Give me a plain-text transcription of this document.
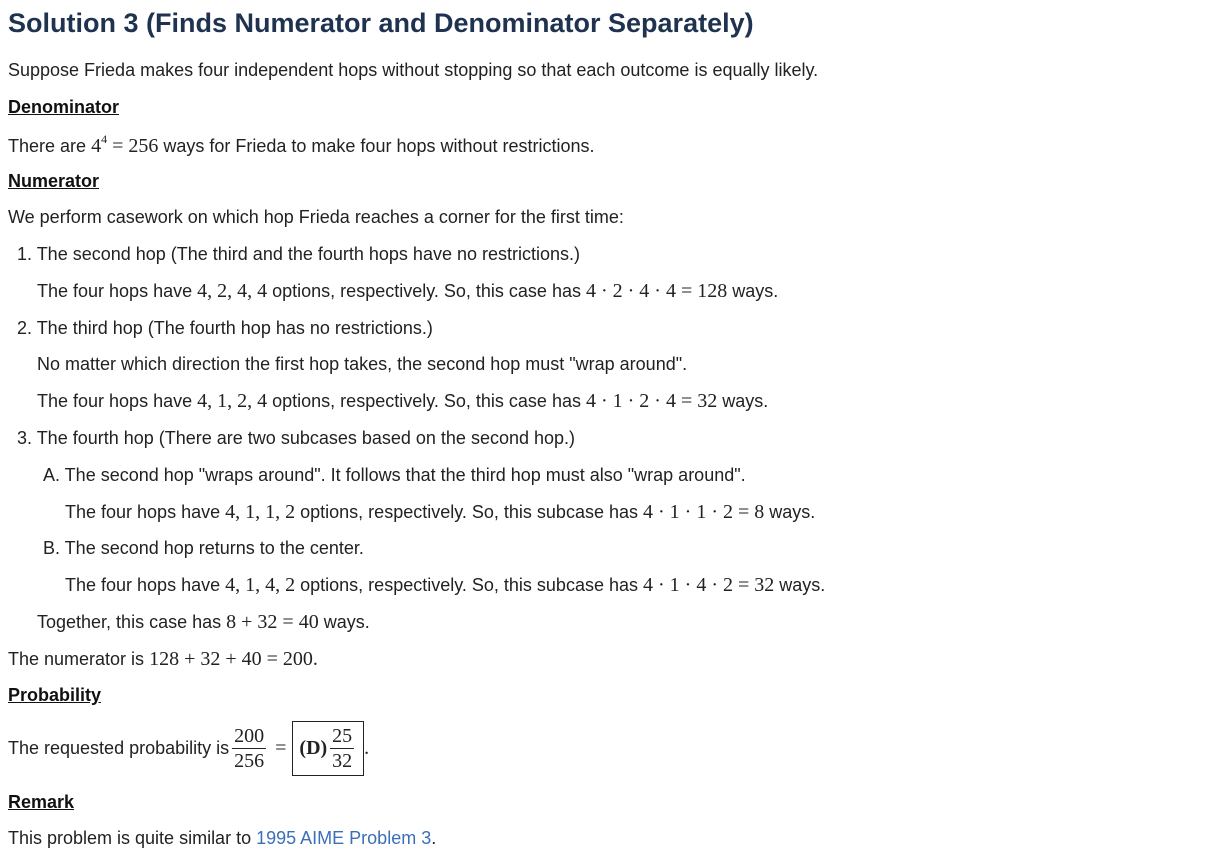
Solution 3 (Finds Numerator and Denominator Separately)
Suppose Frieda makes four independent hops without stopping so that each outcome is equally likely.
Denominator
There are $4^4 = 256$ ways for Frieda to make four hops without restrictions.
Numerator
We perform casework on which hop Frieda reaches a corner for the first time:
1. The second hop (The third and the fourth hops have no restrictions.)
The four hops have 4, 2, 4, 4 options, respectively. So, this case has 4 · 2 · 4 · 4 = 128 ways.
2. The third hop (The fourth hop has no restrictions.)
No matter which direction the first hop takes, the second hop must "wrap around".
The four hops have 4, 1, 2, 4 options, respectively. So, this case has 4 · 1 · 2 · 4 = 32 ways.
3. The fourth hop (There are two subcases based on the second hop.)
A. The second hop "wraps around". It follows that the third hop must also "wrap around".
The four hops have 4, 1, 1, 2 options, respectively. So, this subcase has 4 · 1 · 1 · 2 = 8 ways.
B. The second hop returns to the center.
The four hops have 4, 1, 4, 2 options, respectively. So, this subcase has 4 · 1 · 4 · 2 = 32 ways.
Together, this case has 8 + 32 = 40 ways.
The numerator is 128 + 32 + 40 = 200.
Probability
The requested probability is $\frac{200}{256} = (D) \frac{25}{32}$ .
Remark
This problem is quite similar to 1995 AIME Problem 3.
